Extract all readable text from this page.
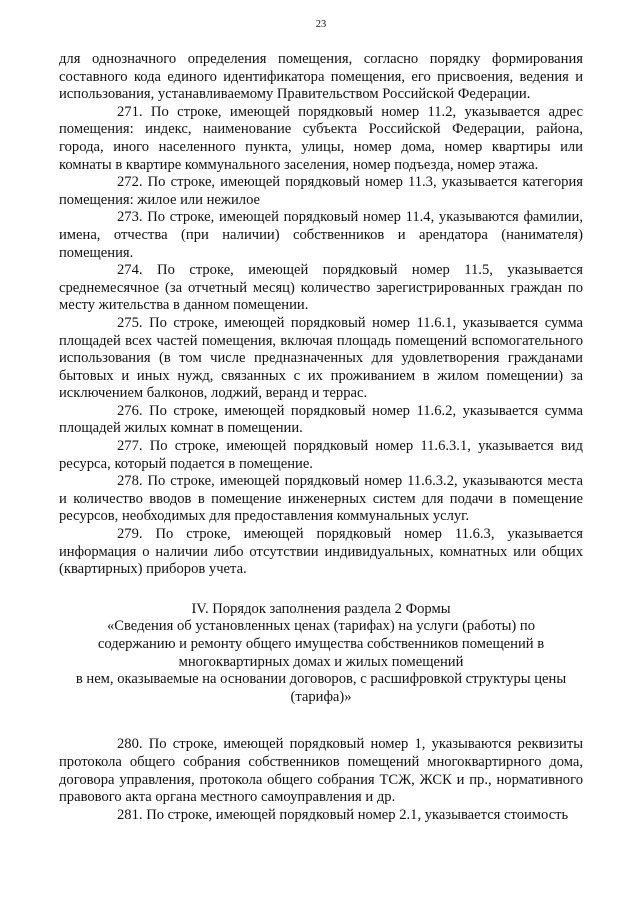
23

для однозначного определения помещения, согласно порядку формирования составного кода единого идентификатора помещения, его присвоения, ведения и использования, устанавливаемому Правительством Российской Федерации.

271. По строке, имеющей порядковый номер 11.2, указывается адрес помещения: индекс, наименование субъекта Российской Федерации, района, города, иного населенного пункта, улицы, номер дома, номер квартиры или комнаты в квартире коммунального заселения, номер подъезда, номер этажа.

272. По строке, имеющей порядковый номер 11.3, указывается категория помещения: жилое или нежилое

273. По строке, имеющей порядковый номер 11.4, указываются фамилии, имена, отчества (при наличии) собственников и арендатора (нанимателя) помещения.

274. По строке, имеющей порядковый номер 11.5, указывается среднемесячное (за отчетный месяц) количество зарегистрированных граждан по месту жительства в данном помещении.

275. По строке, имеющей порядковый номер 11.6.1, указывается сумма площадей всех частей помещения, включая площадь помещений вспомогательного использования (в том числе предназначенных для удовлетворения гражданами бытовых и иных нужд, связанных с их проживанием в жилом помещении) за исключением балконов, лоджий, веранд и террас.

276. По строке, имеющей порядковый номер 11.6.2, указывается сумма площадей жилых комнат в помещении.

277. По строке, имеющей порядковый номер 11.6.3.1, указывается вид ресурса, который подается в помещение.

278. По строке, имеющей порядковый номер 11.6.3.2, указываются места и количество вводов в помещение инженерных систем для подачи в помещение ресурсов, необходимых для предоставления коммунальных услуг.

279. По строке, имеющей порядковый номер 11.6.3, указывается информация о наличии либо отсутствии индивидуальных, комнатных или общих (квартирных) приборов учета.

IV. Порядок заполнения раздела 2 Формы

«Сведения об установленных ценах (тарифах) на услуги (работы) по

содержанию и ремонту общего имущества собственников помещений в

многоквартирных домах и жилых помещений

в нем, оказываемые на основании договоров, с расшифровкой структуры цены

(тарифа)»

280. По строке, имеющей порядковый номер 1, указываются реквизиты протокола общего собрания собственников помещений многоквартирного дома, договора управления, протокола общего собрания ТСЖ, ЖСК и пр., нормативного правового акта органа местного самоуправления и др.

281. По строке, имеющей порядковый номер 2.1, указывается стоимость
